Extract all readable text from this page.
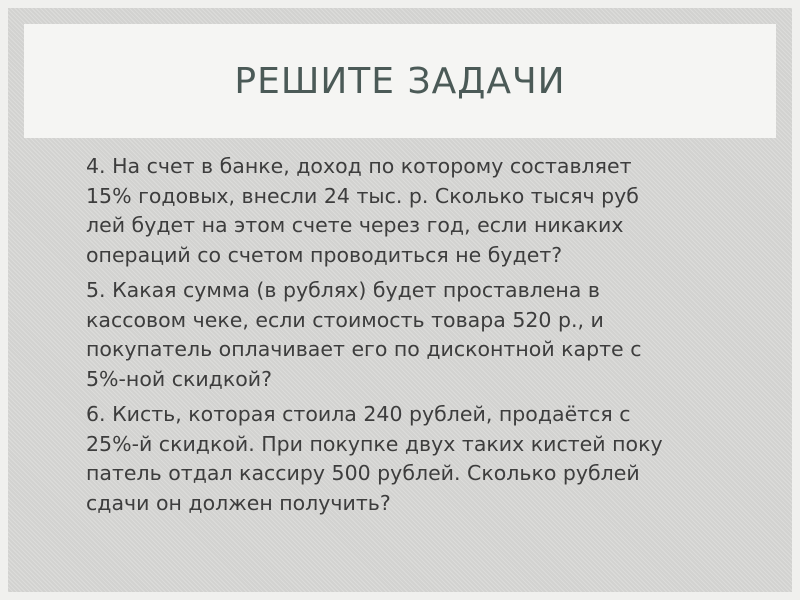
РЕШИТЕ ЗАДАЧИ

4. На счет в банке, доход по которому составляет
15% годовых, внесли 24 тыс. р. Сколько тысяч руб
лей будет на этом счете через год, если никаких
операций со счетом проводиться не будет?

5. Какая сумма (в рублях) будет проставлена в
кассовом чеке, если стоимость товара 520 р., и
покупатель оплачивает его по дисконтной карте с
5%-ной скидкой?

6. Кисть, которая стоила 240 рублей, продаётся с
25%-й скидкой. При покупке двух таких кистей поку
патель отдал кассиру 500 рублей. Сколько рублей
сдачи он должен получить?
